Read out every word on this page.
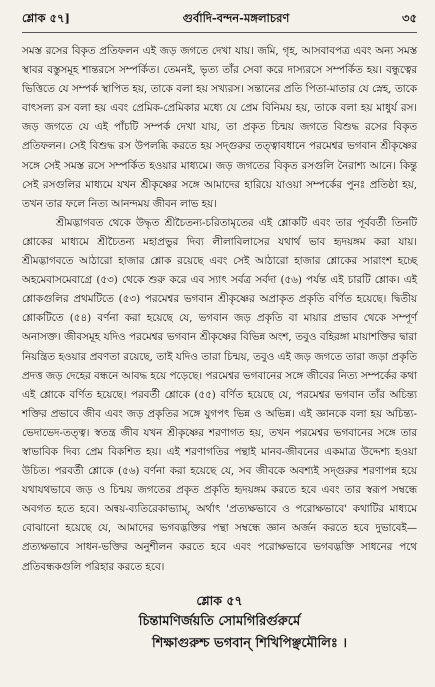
শ্লোক ৫৭]	গুর্বাদি-বন্দন-মঙ্গলাচরণ	৩৫

সমস্ত রসের বিকৃত প্রতিফলন এই জড় জগতে দেখা যায়। জমি, গৃহ, আসবাবপত্র এবং অন্য সমস্ত স্থাবর বস্তুসমূহ শান্তরসে সম্পর্কিত। তেমনই, ভৃত্য তাঁর সেবা করে দাস্যরসে সম্পর্কিত হয়। বন্ধুত্বের ভিত্তিতে যে সম্পর্ক স্থাপিত হয়, তাকে বলা হয় সখ্যরস। সন্তানের প্রতি পিতা-মাতার যে স্নেহ, তাকে বাৎসল্য রস বলা হয় এবং প্রেমিক-প্রেমিকার মধ্যে যে প্রেম বিনিময় হয়, তাকে বলা হয় মাধুর্য রস। জড় জগতে যে এই পাঁচটি সম্পর্ক দেখা যায়, তা প্রকৃত চিন্ময় জগতে বিশুদ্ধ রসের বিকৃত প্রতিফলন। সেই বিশুদ্ধ রস উপলব্ধি করতে হয় সদ্গুরুর তত্ত্বাবধানে পরমেশ্বর ভগবান শ্রীকৃষ্ণের সঙ্গে সেই সমস্ত রসে সম্পর্কিত হওয়ার মাধ্যমে। জড় জগতের বিকৃত রসগুলি নৈরাশ্য আনে। কিন্তু সেই রসগুলির মাধ্যমে যখন শ্রীকৃষ্ণের সঙ্গে আমাদের হারিয়ে যাওয়া সম্পর্কের পুনঃ প্রতিষ্ঠা হয়, তখন তার ফলে নিত্য আনন্দময় জীবন লাভ হয়।

শ্রীমদ্ভাগবত থেকে উদ্ধৃত শ্রীচৈতন্য-চরিতামৃতের এই শ্লোকটি এবং তার পূর্ববর্তী তিনটি শ্লোকের মাধ্যমে শ্রীচৈতন্য মহাপ্রভুর দিব্য লীলাবিলাসের যথার্থ ভাব হৃদয়ঙ্গম করা যায়। শ্রীমদ্ভাগবতে আঠারো হাজার শ্লোক রয়েছে এবং সেই আঠারো হাজার শ্লোকের সারাংশ হচ্ছে অহমেবাসমেবাগ্রে (৫৩) থেকে শুরু করে এব স্যাৎ সর্বত্র সর্বদা (৫৬) পর্যন্ত এই চারটি শ্লোক। এই শ্লোকগুলির প্রথমটিতে (৫৩) পরমেশ্বর ভগবান শ্রীকৃষ্ণের অপ্রাকৃত প্রকৃতি বর্ণিত হয়েছে। দ্বিতীয় শ্লোকটিতে (৫৪) বর্ণনা করা হয়েছে যে, ভগবান জড় প্রকৃতি বা মায়ার প্রভাব থেকে সম্পূর্ণ অনাসক্ত। জীবসমূহ যদিও পরমেশ্বর ভগবান শ্রীকৃষ্ণের বিভিন্ন অংশ, তবুও বহিরঙ্গা মায়াশক্তির দ্বারা নিয়ন্ত্রিত হওয়ার প্রবণতা রয়েছে, তাই যদিও তারা চিন্ময়, তবুও এই জড় জগতে তারা জড়া প্রকৃতি প্রদত্ত জড় দেহের বন্ধনে আবদ্ধ হয়ে পড়েছে। পরমেশ্বর ভগবানের সঙ্গে জীবের নিত্য সম্পর্কের কথা এই শ্লোকে বর্ণিত হয়েছে। পরবর্তী শ্লোকে (৫৫) বর্ণিত হয়েছে যে, পরমেশ্বর ভগবান তাঁর অচিন্ত্য শক্তির প্রভাবে জীব এবং জড় প্রকৃতির সঙ্গে যুগপৎ ভিন্ন ও অভিন্ন। এই জ্ঞানকে বলা হয় অচিন্ত্য-ভেদাভেদ-তত্ত্ব। স্বতন্ত্র জীব যখন শ্রীকৃষ্ণের শরণাগত হয়, তখন পরমেশ্বর ভগবানের সঙ্গে তার স্বাভাবিক দিব্য প্রেম বিকশিত হয়। এই শরণাগতির পন্থাই মানব-জীবনের একমাত্র উদ্দেশ্য হওয়া উচিত। পরবর্তী শ্লোকে (৫৬) বর্ণনা করা হয়েছে যে, সব জীবকে অবশ্যই সদ্গুরুর শরণাপন্ন হয়ে যথাযথভাবে জড় ও চিন্ময় জগতের প্রকৃত প্রকৃতি হৃদয়ঙ্গম করতে হবে এবং তার স্বরূপ সম্বন্ধে অবগত হতে হবে। অন্বয়-ব্যতিরেকাভ্যাম্, অর্থাৎ 'প্রত্যক্ষভাবে ও পরোক্ষভাবে' কথাটির মাধ্যমে বোঝানো হয়েছে যে, আমাদের ভগবদ্ভক্তির পন্থা সম্বন্ধে জ্ঞান অর্জন করতে হবে দুভাবেই—প্রত্যক্ষভাবে সাধন-ভক্তির অনুশীলন করতে হবে এবং পরোক্ষভাবে ভগবদ্ভক্তি সাধনের পথে প্রতিবন্ধকগুলি পরিহার করতে হবে।

শ্লোক ৫৭
চিন্তামণির্জয়তি সোমগিরির্গুরুর্মে
শিক্ষাগুরুশ্চ ভগবান্ শিখিপিঞ্ছমৌলিঃ ।
